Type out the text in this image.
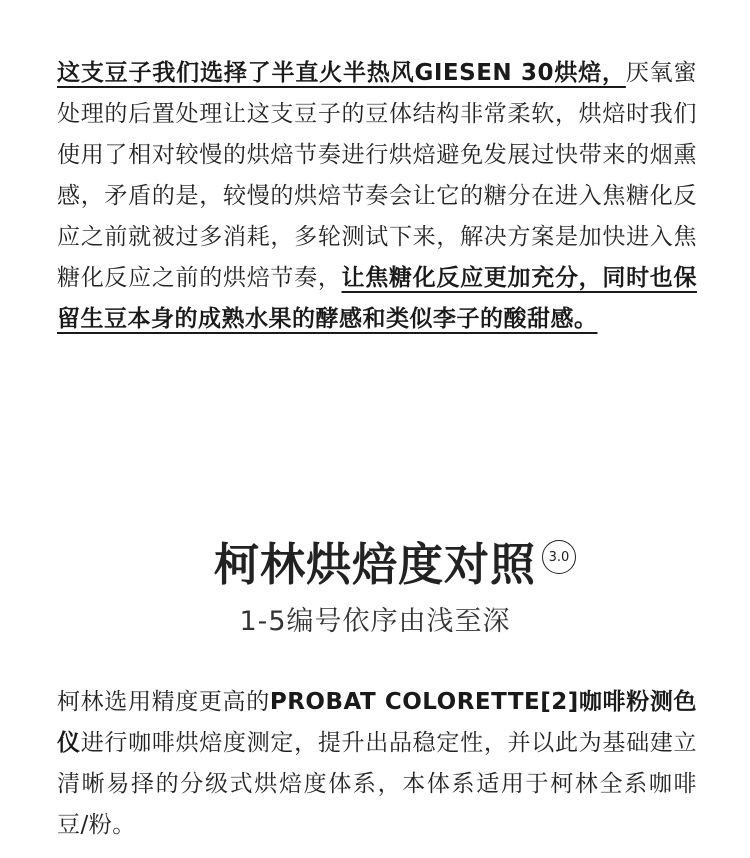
这支豆子我们选择了半直火半热风GIESEN 30烘焙，厌氧蜜处理的后置处理让这支豆子的豆体结构非常柔软，烘焙时我们使用了相对较慢的烘焙节奏进行烘焙避免发展过快带来的烟熏感，矛盾的是，较慢的烘焙节奏会让它的糖分在进入焦糖化反应之前就被过多消耗，多轮测试下来，解决方案是加快进入焦糖化反应之前的烘焙节奏，让焦糖化反应更加充分，同时也保留生豆本身的成熟水果的酵感和类似李子的酸甜感。

柯林烘焙度对照 3.0
1-5编号依序由浅至深

柯林选用精度更高的PROBAT COLORETTE[2]咖啡粉测色仪进行咖啡烘焙度测定，提升出品稳定性，并以此为基础建立清晰易择的分级式烘焙度体系，本体系适用于柯林全系咖啡豆/粉。
